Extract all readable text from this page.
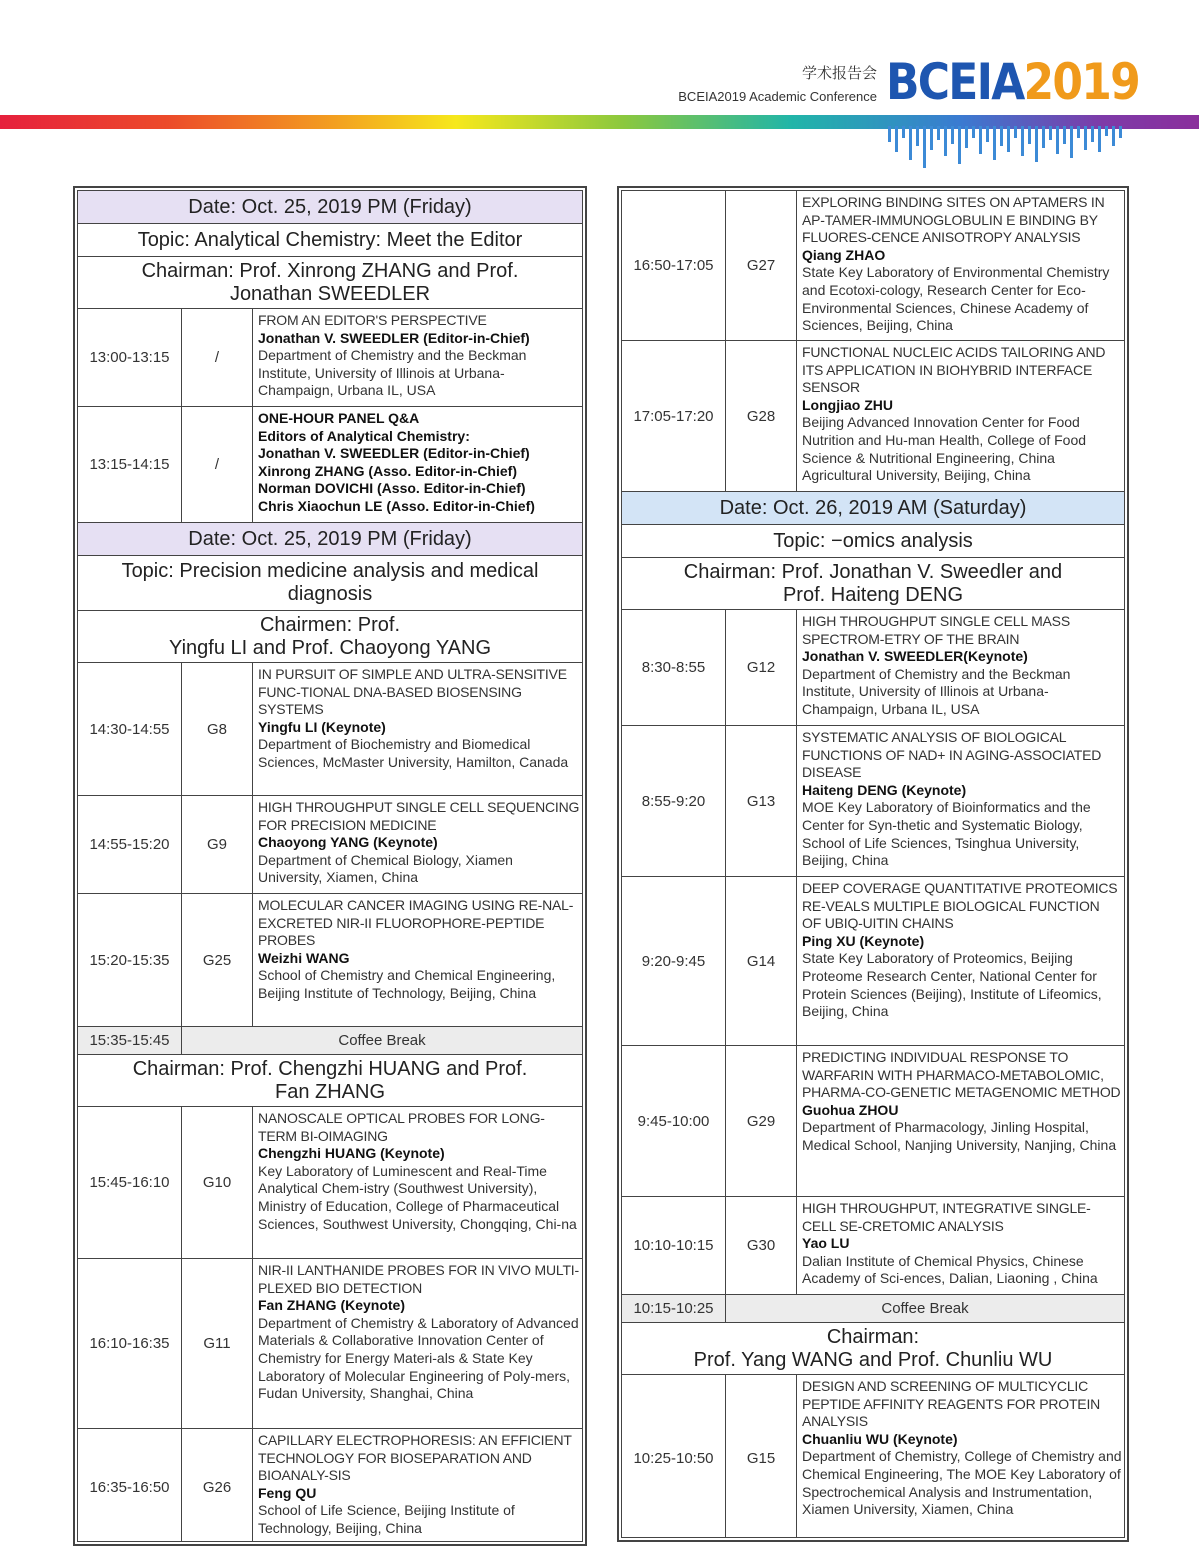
学术报告会
BCEIA2019 Academic Conference BCEIA2019
Date: Oct. 25, 2019 PM (Friday)
Topic: Analytical Chemistry: Meet the Editor
Chairman: Prof. Xinrong ZHANG and Prof.
Jonathan SWEEDLER
13:00-13:15	/
FROM AN EDITOR'S PERSPECTIVE
Jonathan V. SWEEDLER (Editor-in-Chief)
Department of Chemistry and the Beckman Institute, University of Illinois at Urbana-Champaign, Urbana IL, USA
13:15-14:15	/
ONE-HOUR PANEL Q&A
Editors of Analytical Chemistry:
Jonathan V. SWEEDLER (Editor-in-Chief)
Xinrong ZHANG (Asso. Editor-in-Chief)
Norman DOVICHI (Asso. Editor-in-Chief)
Chris Xiaochun LE (Asso. Editor-in-Chief)
Date: Oct. 25, 2019 PM (Friday)
Topic: Precision medicine analysis and medical diagnosis
Chairmen: Prof.
Yingfu LI and Prof. Chaoyong YANG
14:30-14:55	G8
IN PURSUIT OF SIMPLE AND ULTRA-SENSITIVE FUNC-TIONAL DNA-BASED BIOSENSING SYSTEMS
Yingfu LI (Keynote)
Department of Biochemistry and Biomedical Sciences, McMaster University, Hamilton, Canada
14:55-15:20	G9
HIGH THROUGHPUT SINGLE CELL SEQUENCING FOR PRECISION MEDICINE
Chaoyong YANG (Keynote)
Department of Chemical Biology, Xiamen University, Xiamen, China
15:20-15:35	G25
MOLECULAR CANCER IMAGING USING RE-NAL-EXCRETED NIR-II FLUOROPHORE-PEPTIDE PROBES
Weizhi WANG
School of Chemistry and Chemical Engineering, Beijing Institute of Technology, Beijing, China
15:35-15:45	Coffee Break
Chairman: Prof. Chengzhi HUANG and Prof.
Fan ZHANG
15:45-16:10	G10
NANOSCALE OPTICAL PROBES FOR LONG-TERM BI-OIMAGING
Chengzhi HUANG (Keynote)
Key Laboratory of Luminescent and Real-Time Analytical Chem-istry (Southwest University), Ministry of Education, College of Pharmaceutical Sciences, Southwest University, Chongqing, Chi-na
16:10-16:35	G11
NIR-II LANTHANIDE PROBES FOR IN VIVO MULTI-PLEXED BIO DETECTION
Fan ZHANG (Keynote)
Department of Chemistry & Laboratory of Advanced Materials & Collaborative Innovation Center of Chemistry for Energy Materi-als & State Key Laboratory of Molecular Engineering of Poly-mers, Fudan University, Shanghai, China
16:35-16:50	G26
CAPILLARY ELECTROPHORESIS: AN EFFICIENT TECHNOLOGY FOR BIOSEPARATION AND BIOANALY-SIS
Feng QU
School of Life Science, Beijing Institute of Technology, Beijing, China
16:50-17:05	G27
EXPLORING BINDING SITES ON APTAMERS IN AP-TAMER-IMMUNOGLOBULIN E BINDING BY FLUORES-CENCE ANISOTROPY ANALYSIS
Qiang ZHAO
State Key Laboratory of Environmental Chemistry and Ecotoxi-cology, Research Center for Eco-Environmental Sciences, Chinese Academy of Sciences, Beijing, China
17:05-17:20	G28
FUNCTIONAL NUCLEIC ACIDS TAILORING AND ITS APPLICATION IN BIOHYBRID INTERFACE SENSOR
Longjiao ZHU
Beijing Advanced Innovation Center for Food Nutrition and Hu-man Health, College of Food Science & Nutritional Engineering, China Agricultural University, Beijing, China
Date: Oct. 26, 2019 AM (Saturday)
Topic: −omics analysis
Chairman: Prof. Jonathan V. Sweedler and
Prof. Haiteng DENG
8:30-8:55	G12
HIGH THROUGHPUT SINGLE CELL MASS SPECTROM-ETRY OF THE BRAIN
Jonathan V. SWEEDLER(Keynote)
Department of Chemistry and the Beckman Institute, University of Illinois at Urbana-Champaign, Urbana IL, USA
8:55-9:20	G13
SYSTEMATIC ANALYSIS OF BIOLOGICAL FUNCTIONS OF NAD+ IN AGING-ASSOCIATED DISEASE
Haiteng DENG (Keynote)
MOE Key Laboratory of Bioinformatics and the Center for Syn-thetic and Systematic Biology, School of Life Sciences, Tsinghua University, Beijing, China
9:20-9:45	G14
DEEP COVERAGE QUANTITATIVE PROTEOMICS RE-VEALS MULTIPLE BIOLOGICAL FUNCTION OF UBIQ-UITIN CHAINS
Ping XU (Keynote)
State Key Laboratory of Proteomics, Beijing Proteome Research Center, National Center for Protein Sciences (Beijing), Institute of Lifeomics, Beijing, China
9:45-10:00	G29
PREDICTING INDIVIDUAL RESPONSE TO WARFARIN WITH PHARMACO-METABOLOMIC, PHARMA-CO-GENETIC METAGENOMIC METHOD
Guohua ZHOU
Department of Pharmacology, Jinling Hospital, Medical School, Nanjing University, Nanjing, China
10:10-10:15	G30
HIGH THROUGHPUT, INTEGRATIVE SINGLE-CELL SE-CRETOMIC ANALYSIS
Yao LU
Dalian Institute of Chemical Physics, Chinese Academy of Sci-ences, Dalian, Liaoning , China
10:15-10:25	Coffee Break
Chairman:
Prof. Yang WANG and Prof. Chunliu WU
10:25-10:50	G15
DESIGN AND SCREENING OF MULTICYCLIC PEPTIDE AFFINITY REAGENTS FOR PROTEIN ANALYSIS
Chuanliu WU (Keynote)
Department of Chemistry, College of Chemistry and Chemical Engineering, The MOE Key Laboratory of Spectrochemical Analysis and Instrumentation, Xiamen University, Xiamen, China
